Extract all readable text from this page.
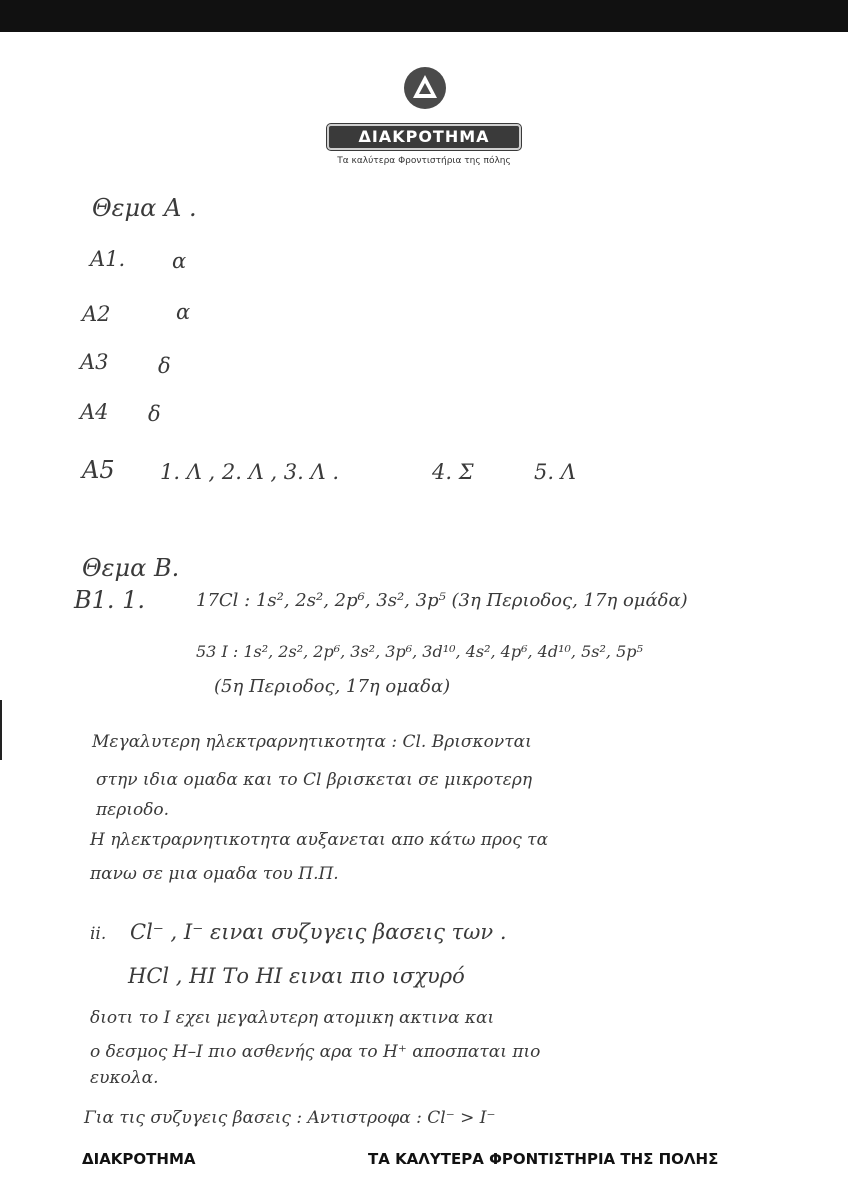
ΔΙΑΚΡΟΤΗΜΑ
Τα καλύτερα Φροντιστήρια της πόλης
Θεμα Α .
Α1. α
Α2	α
Α3 δ
Α4 δ
Α5 1. Λ , 2. Λ , 3. Λ .	4. Σ	5. Λ
Θεμα Β.
Β1. 1.	17Cl : 1s², 2s², 2p⁶, 3s², 3p⁵ (3η Περιοδος, 17η ομάδα)
53 I : 1s², 2s², 2p⁶, 3s², 3p⁶, 3d¹⁰, 4s², 4p⁶, 4d¹⁰, 5s², 5p⁵
(5η Περιοδος, 17η ομαδα)
Μεγαλυτερη ηλεκτραρνητικοτητα : Cl. Βρισκονται
στην ιδια ομαδα και το Cl βρισκεται σε μικροτερη
περιοδο.
Η ηλεκτραρνητικοτητα αυξανεται απο κάτω προς τα
πανω σε μια ομαδα του Π.Π.
ii. Cl⁻ , I⁻ ειναι συζυγεις βασεις των .
HCl , HI Το HI ειναι πιο ισχυρό
διοτι το I εχει μεγαλυτερη ατομικη ακτινα και
ο δεσμος H–I πιο ασθενής αρα το H⁺ αποσπαται πιο
ευκολα.
Για τις συζυγεις βασεις : Αντιστροφα : Cl⁻ > I⁻
ΔΙΑΚΡΟΤΗΜΑ	ΤΑ ΚΑΛΥΤΕΡΑ ΦΡΟΝΤΙΣΤΗΡΙΑ ΤΗΣ ΠΟΛΗΣ
